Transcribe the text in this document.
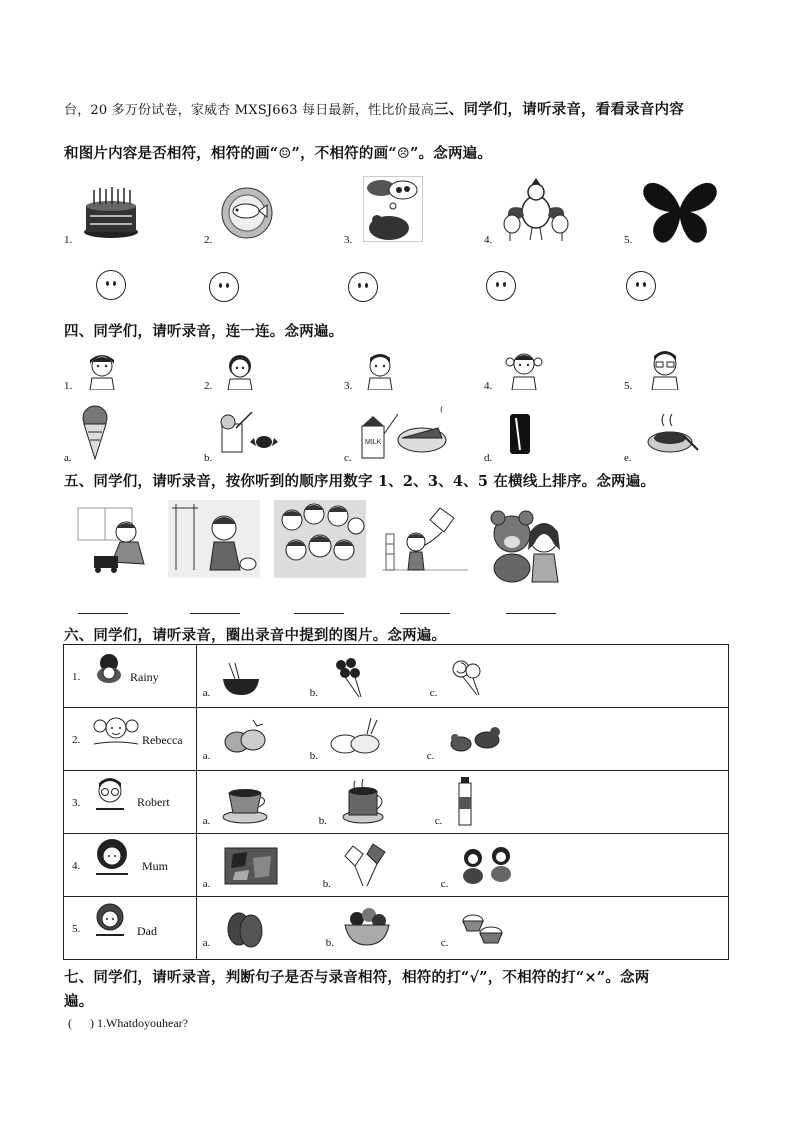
台，20 多万份试卷，家威杏 MXSJ663 每日最新，性比价最高三、同学们，请听录音，看看录音内容
和图片内容是否相符，相符的画“☺”，不相符的画“☹”。念两遍。
1.	2.	3.	4.	5.
四、同学们，请听录音，连一连。念两遍。
1.	2.	3.	4.	5.
a.	b.	c.
MILK
(
d.	e.
五、同学们，请听录音，按你听到的顺序用数字 1、2、3、4、5 在横线上排序。念两遍。
六、同学们，请听录音，圈出录音中提到的图片。念两遍。
1. Rainy	a. b. c.

2. Rebecca	a. b. c.

3. Robert	a. b. c.

4. Mum	a. b. c.

5. Dad	a. b. c.
七、同学们，请听录音，判断句子是否与录音相符，相符的打“√”，不相符的打“×”。念两
遍。
(      ) 1.Whatdoyouhear?
